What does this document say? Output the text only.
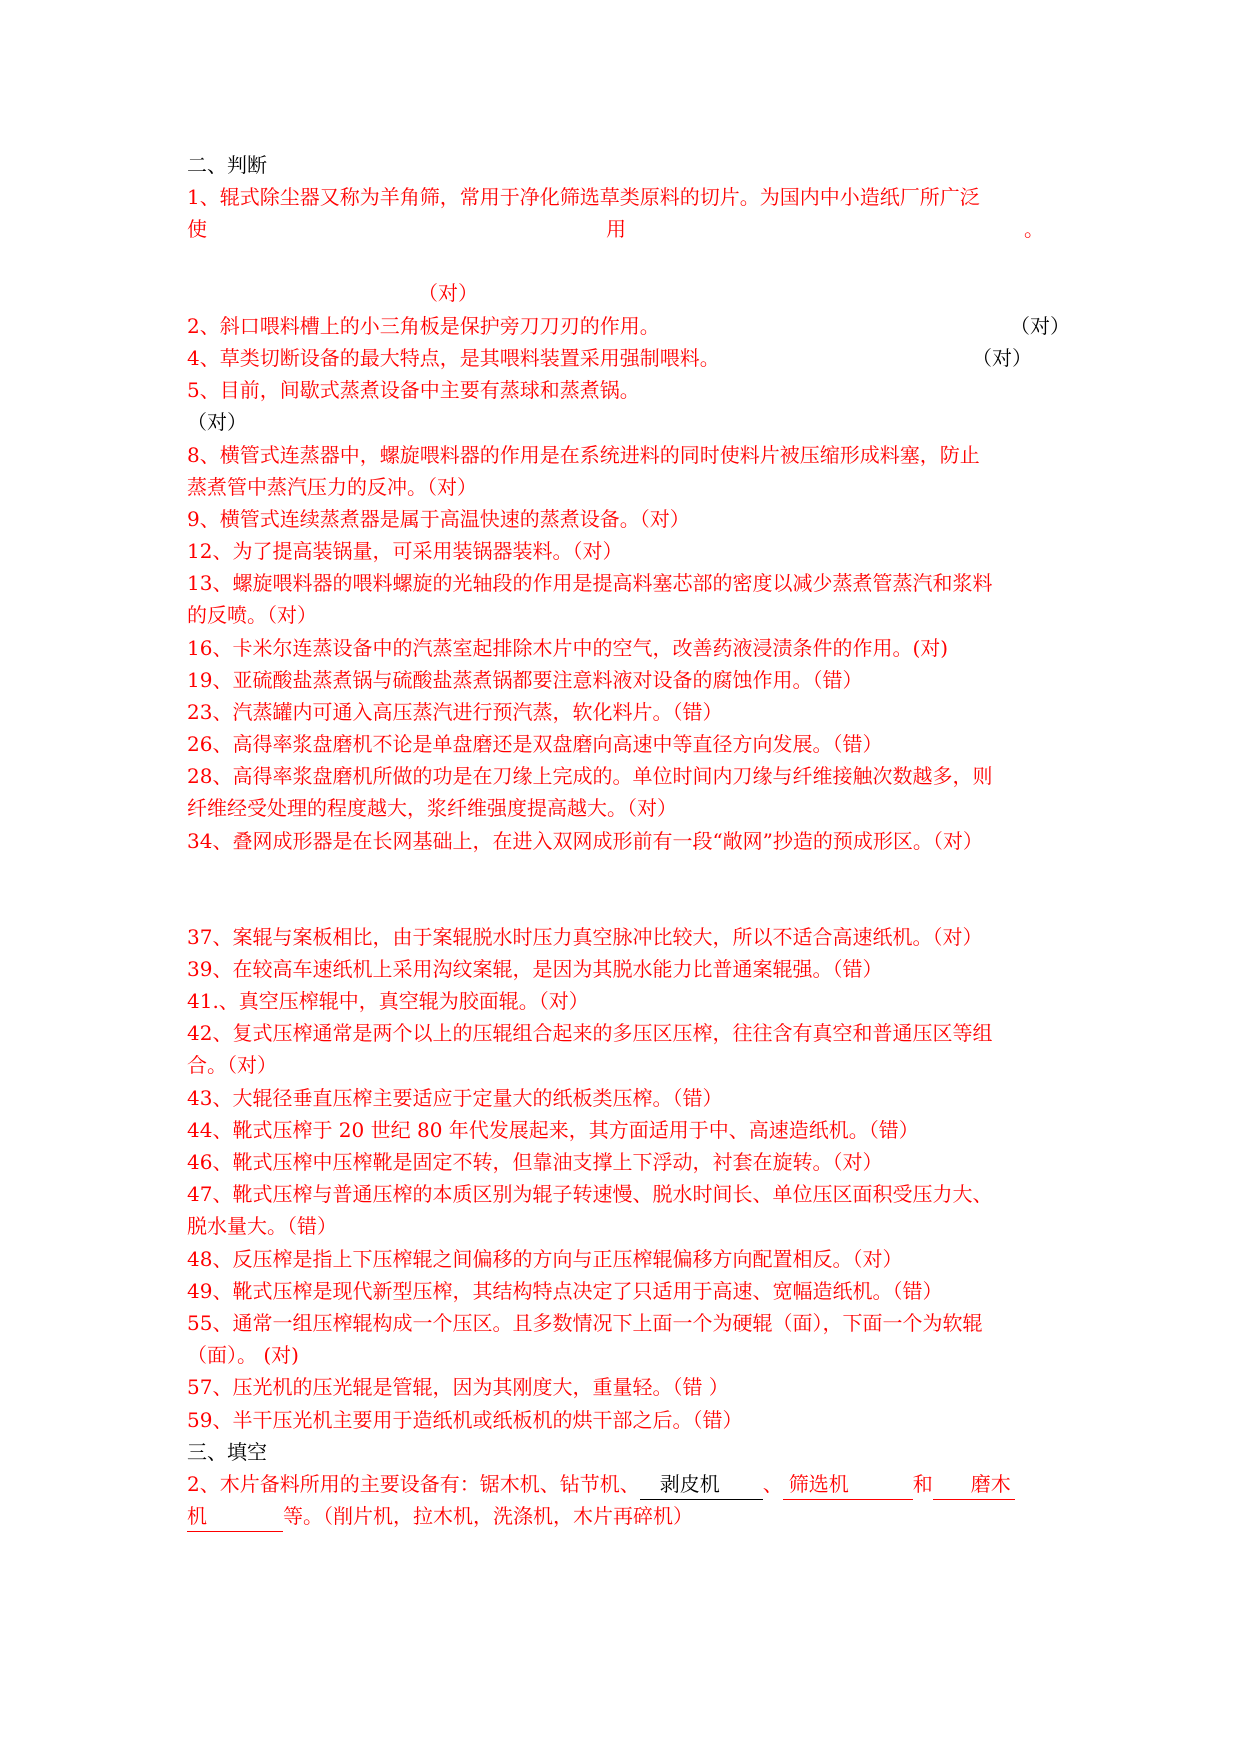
二、判断
1、辊式除尘器又称为羊角筛，常用于净化筛选草类原料的切片。为国内中小造纸厂所广泛
使	用	。
（对）
2、斜口喂料槽上的小三角板是保护旁刀刀刃的作用。	（对）
4、草类切断设备的最大特点，是其喂料装置采用强制喂料。	（对）
5、目前，间歇式蒸煮设备中主要有蒸球和蒸煮锅。
（对）
8、横管式连蒸器中，螺旋喂料器的作用是在系统进料的同时使料片被压缩形成料塞，防止
蒸煮管中蒸汽压力的反冲。（对）
9、横管式连续蒸煮器是属于高温快速的蒸煮设备。（对）
12、为了提高装锅量，可采用装锅器装料。（对）
13、螺旋喂料器的喂料螺旋的光轴段的作用是提高料塞芯部的密度以减少蒸煮管蒸汽和浆料
的反喷。（对）
16、卡米尔连蒸设备中的汽蒸室起排除木片中的空气，改善药液浸渍条件的作用。(对)
19、亚硫酸盐蒸煮锅与硫酸盐蒸煮锅都要注意料液对设备的腐蚀作用。（错）
23、汽蒸罐内可通入高压蒸汽进行预汽蒸，软化料片。（错）
26、高得率浆盘磨机不论是单盘磨还是双盘磨向高速中等直径方向发展。（错）
28、高得率浆盘磨机所做的功是在刀缘上完成的。单位时间内刀缘与纤维接触次数越多，则
纤维经受处理的程度越大，浆纤维强度提高越大。（对）
34、叠网成形器是在长网基础上，在进入双网成形前有一段“敞网”抄造的预成形区。（对）
37、案辊与案板相比，由于案辊脱水时压力真空脉冲比较大，所以不适合高速纸机。（对）
39、在较高车速纸机上采用沟纹案辊，是因为其脱水能力比普通案辊强。（错）
41.、真空压榨辊中，真空辊为胶面辊。（对）
42、复式压榨通常是两个以上的压辊组合起来的多压区压榨，往往含有真空和普通压区等组
合。（对）
43、大辊径垂直压榨主要适应于定量大的纸板类压榨。（错）
44、靴式压榨于 20 世纪 80 年代发展起来，其方面适用于中、高速造纸机。（错）
46、靴式压榨中压榨靴是固定不转，但靠油支撑上下浮动，衬套在旋转。（对）
47、靴式压榨与普通压榨的本质区别为辊子转速慢、脱水时间长、单位压区面积受压力大、
脱水量大。（错）
48、反压榨是指上下压榨辊之间偏移的方向与正压榨辊偏移方向配置相反。（对）
49、靴式压榨是现代新型压榨，其结构特点决定了只适用于高速、宽幅造纸机。（错）
55、通常一组压榨辊构成一个压区。且多数情况下上面一个为硬辊（面），下面一个为软辊
（面）。 (对)
57、压光机的压光辊是管辊，因为其刚度大，重量轻。（错 ）
59、半干压光机主要用于造纸机或纸板机的烘干部之后。（错）
三、填空
2、木片备料所用的主要设备有：锯木机、钻节机、 剥皮机 、 筛选机	和 磨木
机	等。（削片机，拉木机，洗涤机，木片再碎机）
